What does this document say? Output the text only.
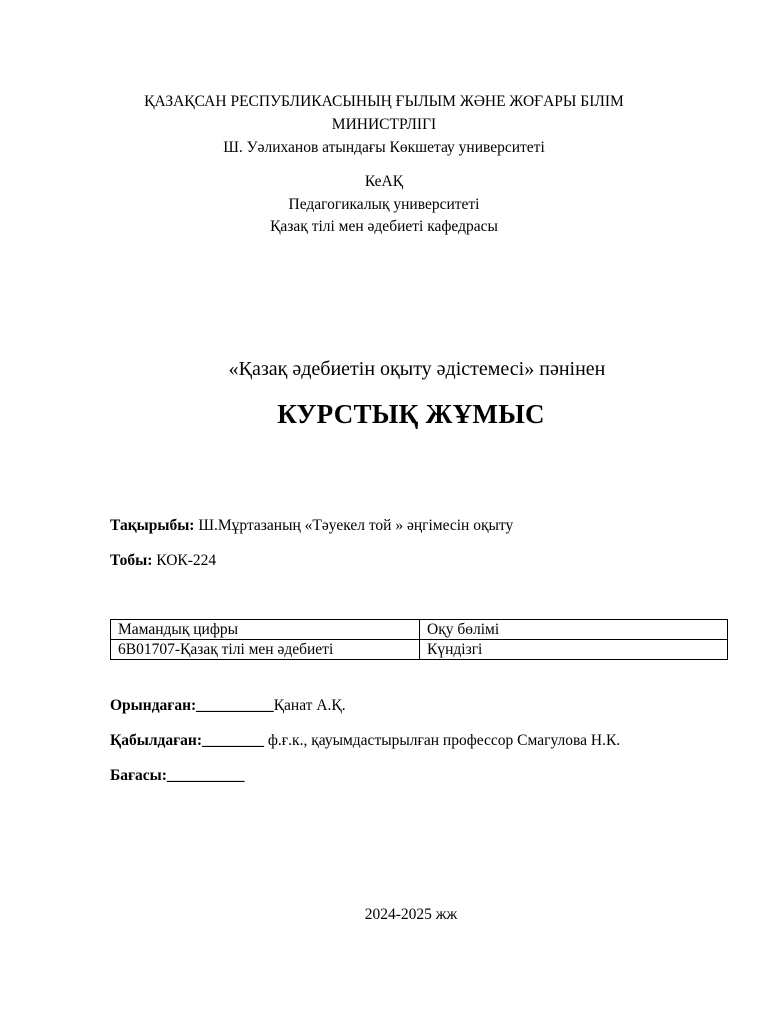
ҚАЗАҚСАН РЕСПУБЛИКАСЫНЫҢ ҒЫЛЫМ ЖӘНЕ ЖОҒАРЫ БІЛІМ
МИНИСТРЛІГІ
Ш. Уәлиханов атындағы Көкшетау университеті
КеАҚ
Педагогикалық университеті
Қазақ тілі мен әдебиеті кафедрасы
«Қазақ әдебиетін оқыту әдістемесі» пәнінен
КУРСТЫҚ ЖҰМЫС
Тақырыбы: Ш.Мұртазаның «Тәуекел той » әңгімесін оқыту
Тобы: КОК-224
Мамандық цифры	Оқу бөлімі
6В01707-Қазақ тілі мен әдебиеті	Күндізгі
Орындаған:__________Қанат А.Қ.
Қабылдаған:________ ф.ғ.к., қауымдастырылған профессор Смагулова Н.К.
Бағасы:__________
2024-2025 жж
